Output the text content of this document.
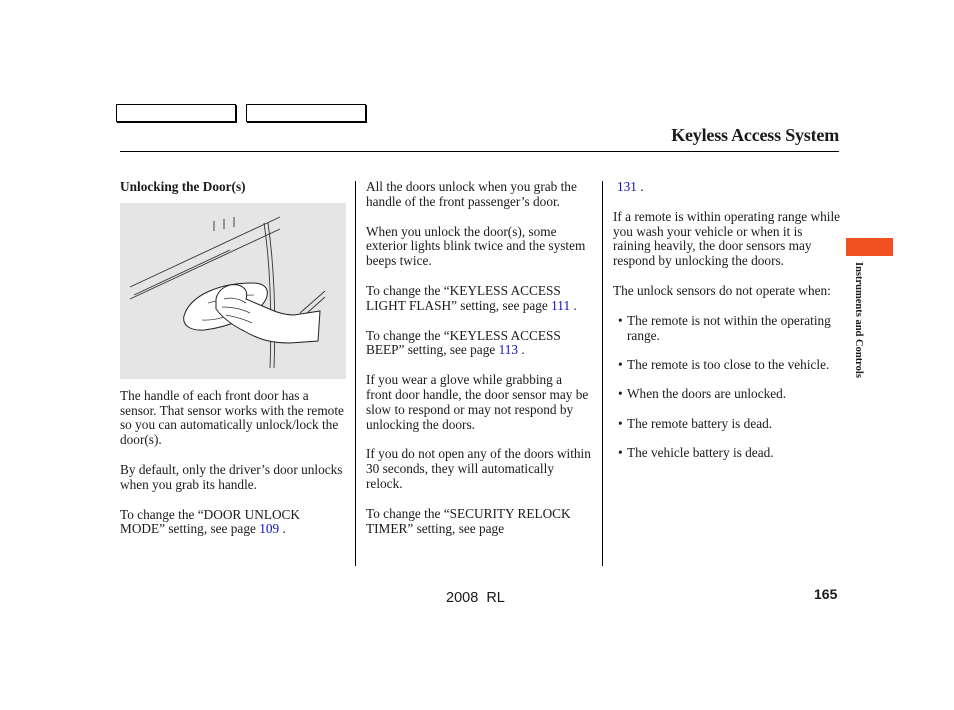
Keyless Access System
Unlocking the Door(s)

The handle of each front door has a sensor. That sensor works with the remote so you can automatically unlock/lock the door(s).

By default, only the driver’s door unlocks when you grab its handle.

To change the “DOOR UNLOCK MODE” setting, see page 109 .

All the doors unlock when you grab the handle of the front passenger’s door.

When you unlock the door(s), some exterior lights blink twice and the system beeps twice.

To change the “KEYLESS ACCESS LIGHT FLASH” setting, see page 111 .

To change the “KEYLESS ACCESS BEEP” setting, see page 113 .

If you wear a glove while grabbing a front door handle, the door sensor may be slow to respond or may not respond by unlocking the doors.

If you do not open any of the doors within 30 seconds, they will automatically relock.

To change the “SECURITY RELOCK TIMER” setting, see page

131 .

If a remote is within operating range while you wash your vehicle or when it is raining heavily, the door sensors may respond by unlocking the doors.

The unlock sensors do not operate when:

• The remote is not within the operating range.
• The remote is too close to the vehicle.
• When the doors are unlocked.
• The remote battery is dead.
• The vehicle battery is dead.
Instruments and Controls
2008  RL	165
